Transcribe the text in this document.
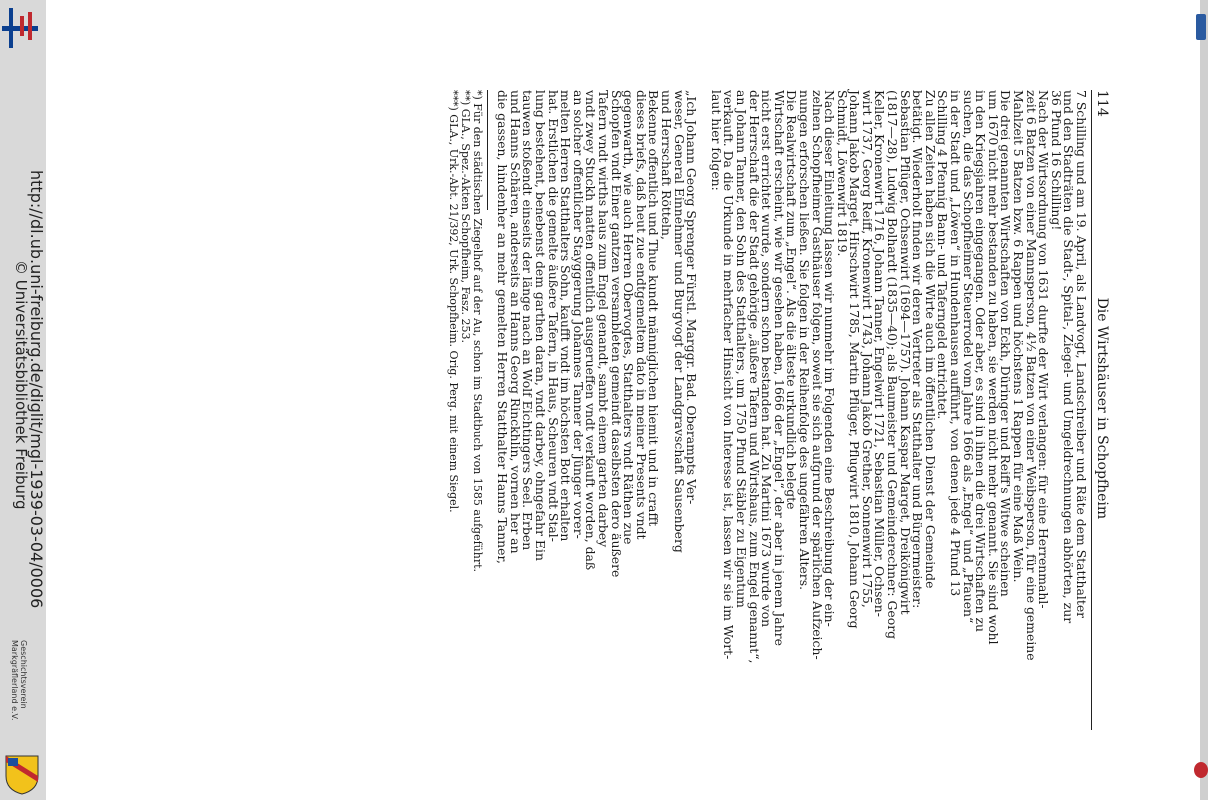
http://dl.ub.uni-freiburg.de/diglit/mgl-1939-03-04/0006
© Universitätsbibliothek Freiburg
Geschichtsverein
Markgräflerland e.V.
114
Die Wirtshäuser in Schopfheim
7 Schilling und am 19. April, als Landvogt, Landschreiber und Räte dem Statthalter
und den Stadträten die Stadt-, Spital-, Ziegel- und Umgeldrechnungen abhörten, zur
36 Pfund 16 Schilling!
Nach der Wirtsordnung von 1631 durfte der Wirt verlangen: für eine Herrenmahl-
zeit 6 Batzen von einer Mannsperson, 4½ Batzen von einer Weibsperson, für eine gemeine
Mahlzeit 5 Batzen bzw. 6 Rappen und höchstens 1 Rappen für eine Maß Wein.
Die drei genannten Wirtschaften von Eckh, Düringer und Reiff's Witwe scheinen
um 1670 nicht mehr bestanden zu haben, sie werden nicht mehr genannt. Sie sind wohl
in den Kriegsjahren eingegangen. Oder aber, es sind in ihnen die drei Wirtschaften zu
suchen, die das Schopfheimer Steuerrodel vom Jahre 1666 als „Engel“ und „Pfauen“
in der Stadt und „Löwen“ in Hundenhausen aufführt, von denen jede 4 Pfund 13
Schilling 4 Pfennig Bann- und Taferngeld entrichtet.
Zu allen Zeiten haben sich die Wirte auch im öffentlichen Dienst der Gemeinde
betätigt. Wiederholt finden wir deren Vertreter als Statthalter und Bürgermeister:
Sebastian Pflüger, Ochsenwirt (1694—1757). Johann Kaspar Marget, Dreikönigwirt
(1817—28), Ludwig Bolhardt (1835—40); als Baumeister und Gemeinderechner: Georg
Keller, Kronenwirt 1716, Johann Tanner, Engelwirt 1721, Sebastian Müller, Ochsen-
wirt 1737, Georg Reiff, Kronenwirt 1743, Johann Jakob Grether, Sonnenwirt 1755,
Johann Jakob Marget, Hirschwirt 1785, Martin Pflüger, Pflugwirt 1810, Johann Georg
Schmidt, Löwenwirt 1819.
Nach dieser Einleitung lassen wir nunmehr im Folgenden eine Beschreibung der ein-
zelnen Schopfheimer Gasthäuser folgen, soweit sie sich aufgrund der spärlichen Aufzeich-
nungen erforschen ließen. Sie folgen in der Reihenfolge des ungefähren Alters.
Die Realwirtschaft zum „Engel“. Als die älteste urkundlich belegte
Wirtschaft erscheint, wie wir gesehen haben, 1666 der „Engel“, der aber in jenem Jahre
nicht erst errichtet wurde, sondern schon bestanden hat. Zu Martini 1673 wurde von
der Herrschaft die der Stadt gehörige „äußere Tafern und Wirtshaus, zum Engel genannt“,
an Johann Tanner, den Sohn des Statthalters, um 1750 Pfund Stäbler zu Eigentum
verkauft. Da die Urkunde in mehrfacher Hinsicht von Interesse ist, lassen wir sie im Wort-
laut hier folgen:
„Ich Johann Georg Sprenger Fürstl. Marggr. Bad. Oberampts Ver-
weser, General Einnehmer und Burgvogt der Landgravschaft Sausenberg
und Herrschaft Rötteln,
Bekenne offentlich und Thue kundt männiglichen hiemit und in crafft
dieses briefs, daß heut zue endtgemeltem dato in meiner Presents vndt
gegenwarth, wie auch Herren Obervogtes, Statthalters vndt Räthen zue
Schopfen vndt Einer gantzen versambleten gemeindt daselbsten dero äußere
Tafern vndt wirths haus zum Engel genandt, sambt einem garten darbey
vndt zwey Stuckh matten offentlich ausgerueffen vndt verkauft worden, daß
an solcher offentlicher Stayggerung Johannes Tanner der Jünger vorer-
melten Herren Statthalters Sohn, kaufft vndt im höchsten Bott erhalten
hat. Erstlichen die gemelte äußere Tafern, in Haus, Scheuren vndt Stal-
lung bestehent, benebenst dem garthen daran, vndt darbey, ohngefahr Ein
tauwen stoßendt einseits der länge nach an Wolf Eichtingers Seel. Erben
und Hanns Schären, anderseits an Hanns Georg Rinckhlin, vornen her an
die gassen, hindenher an mehr gemelten Herren Statthalter Hanns Tanner,
*) Für den städtischen Ziegelhof auf der Au, schon im Stadtbuch von 1585 aufgeführt.
**) GLA., Spez.-Akten Schopfheim, Fasz. 253.
***) GLA., Urk.-Abt. 21/392, Urk. Schopfheim. Orig. Perg. mit einem Siegel.
